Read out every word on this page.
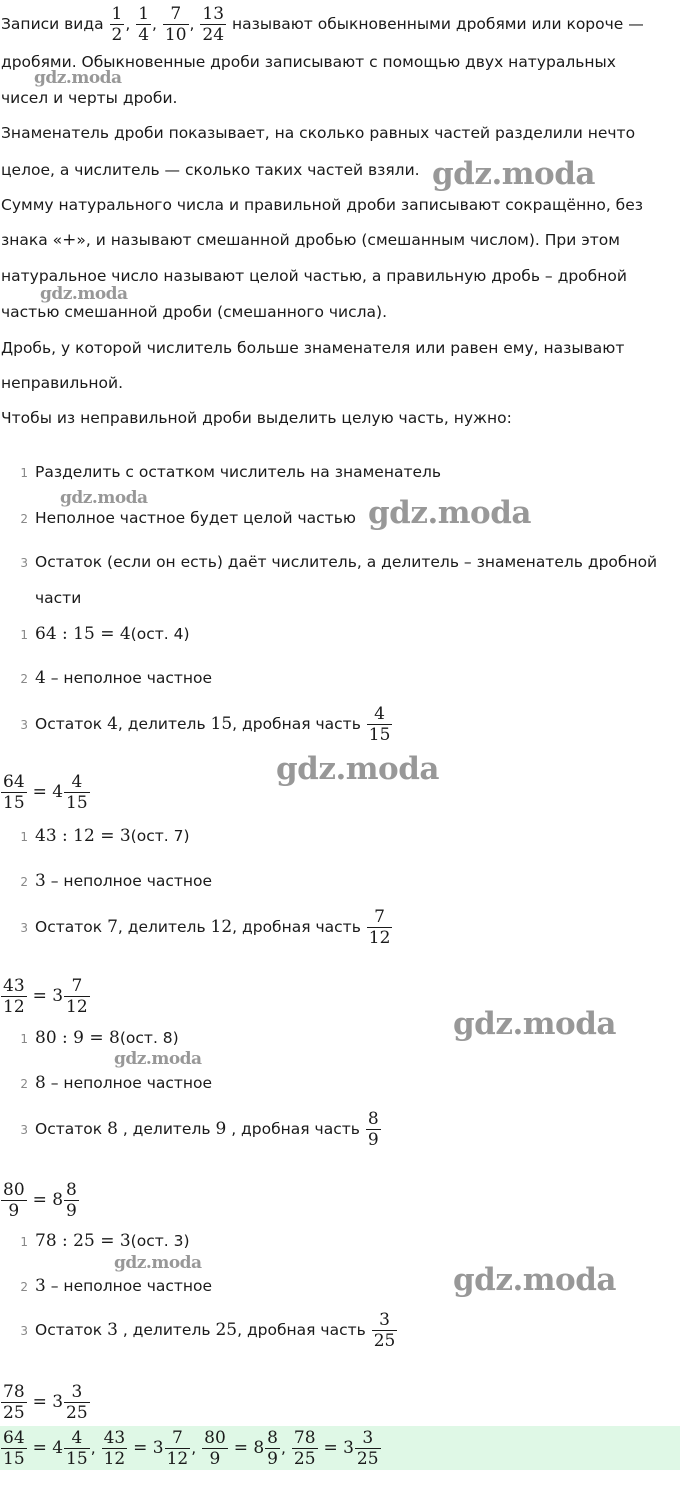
Записи вида $\frac{1}{2}$ , $\frac{1}{4}$ , $\frac{7}{10}$ , $\frac{13}{24}$ называют обыкновенными дробями или короче —
дробями. Обыкновенные дроби записывают с помощью двух натуральных
чисел и черты дроби.
Знаменатель дроби показывает, на сколько равных частей разделили нечто
целое, а числитель — сколько таких частей взяли.
Сумму натурального числа и правильной дроби записывают сокращённо, без
знака «+», и называют смешанной дробью (смешанным числом). При этом
натуральное число называют целой частью, а правильную дробь – дробной
частью смешанной дроби (смешанного числа).
Дробь, у которой числитель больше знаменателя или равен ему, называют
неправильной.
Чтобы из неправильной дроби выделить целую часть, нужно:
1 Разделить с остатком числитель на знаменатель
2 Неполное частное будет целой частью
3 Остаток (если он есть) даёт числитель, а делитель – знаменатель дробной
части
1 64 : 15 = 4(ост. 4)
2 4 – неполное частное
3 Остаток 4, делитель 15, дробная часть $\frac{4}{15}$
$\frac{64}{15} = 4 \frac{4}{15}$
1 43 : 12 = 3(ост. 7)
2 3 – неполное частное
3 Остаток 7, делитель 12, дробная часть $\frac{7}{12}$
$\frac{43}{12} = 3 \frac{7}{12}$
1 80 : 9 = 8(ост. 8)
2 8 – неполное частное
3 Остаток 8 , делитель 9 , дробная часть $\frac{8}{9}$
$\frac{80}{9} = 8 \frac{8}{9}$
1 78 : 25 = 3(ост. 3)
2 3 – неполное частное
3 Остаток 3 , делитель 25, дробная часть $\frac{3}{25}$
$\frac{78}{25} = 3 \frac{3}{25}$
$\frac{64}{15} = 4 \frac{4}{15}$ , $\frac{43}{12} = 3 \frac{7}{12}$ , $\frac{80}{9} = 8 \frac{8}{9}$ , $\frac{78}{25} = 3 \frac{3}{25}$
gdz.moda
gdz.moda
gdz.moda
gdz.moda	gdz.moda
gdz.moda
gdz.moda
gdz.moda
gdz.moda	gdz.moda
